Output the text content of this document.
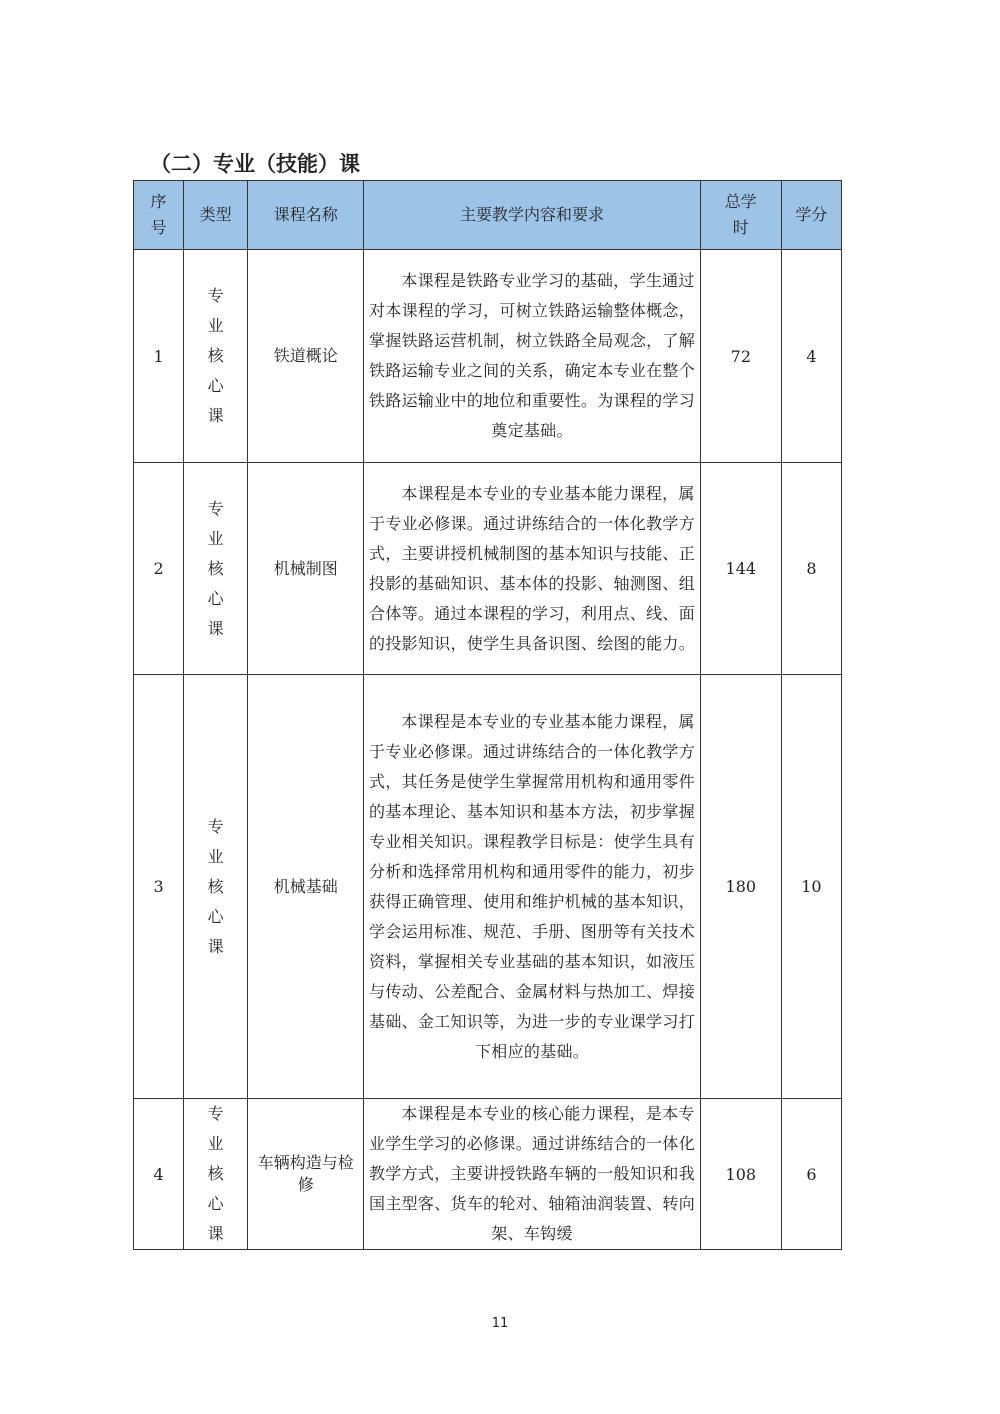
（二）专业（技能）课
序号	类型	课程名称	主要教学内容和要求	总学时	学分
1	专业核心课	铁道概论	本课程是铁路专业学习的基础，学生通过对本课程的学习，可树立铁路运输整体概念，掌握铁路运营机制，树立铁路全局观念，了解铁路运输专业之间的关系，确定本专业在整个铁路运输业中的地位和重要性。为课程的学习奠定基础。	72	4
2	专业核心课	机械制图	本课程是本专业的专业基本能力课程，属于专业必修课。通过讲练结合的一体化教学方式，主要讲授机械制图的基本知识与技能、正投影的基础知识、基本体的投影、轴测图、组合体等。通过本课程的学习，利用点、线、面的投影知识，使学生具备识图、绘图的能力。	144	8
3	专业核心课	机械基础	本课程是本专业的专业基本能力课程，属于专业必修课。通过讲练结合的一体化教学方式，其任务是使学生掌握常用机构和通用零件的基本理论、基本知识和基本方法，初步掌握专业相关知识。课程教学目标是：使学生具有分析和选择常用机构和通用零件的能力，初步获得正确管理、使用和维护机械的基本知识，学会运用标准、规范、手册、图册等有关技术资料，掌握相关专业基础的基本知识，如液压与传动、公差配合、金属材料与热加工、焊接基础、金工知识等，为进一步的专业课学习打下相应的基础。	180	10
4	专业核心课	车辆构造与检修	本课程是本专业的核心能力课程，是本专业学生学习的必修课。通过讲练结合的一体化教学方式，主要讲授铁路车辆的一般知识和我国主型客、货车的轮对、轴箱油润装置、转向架、车钩缓	108	6
11
